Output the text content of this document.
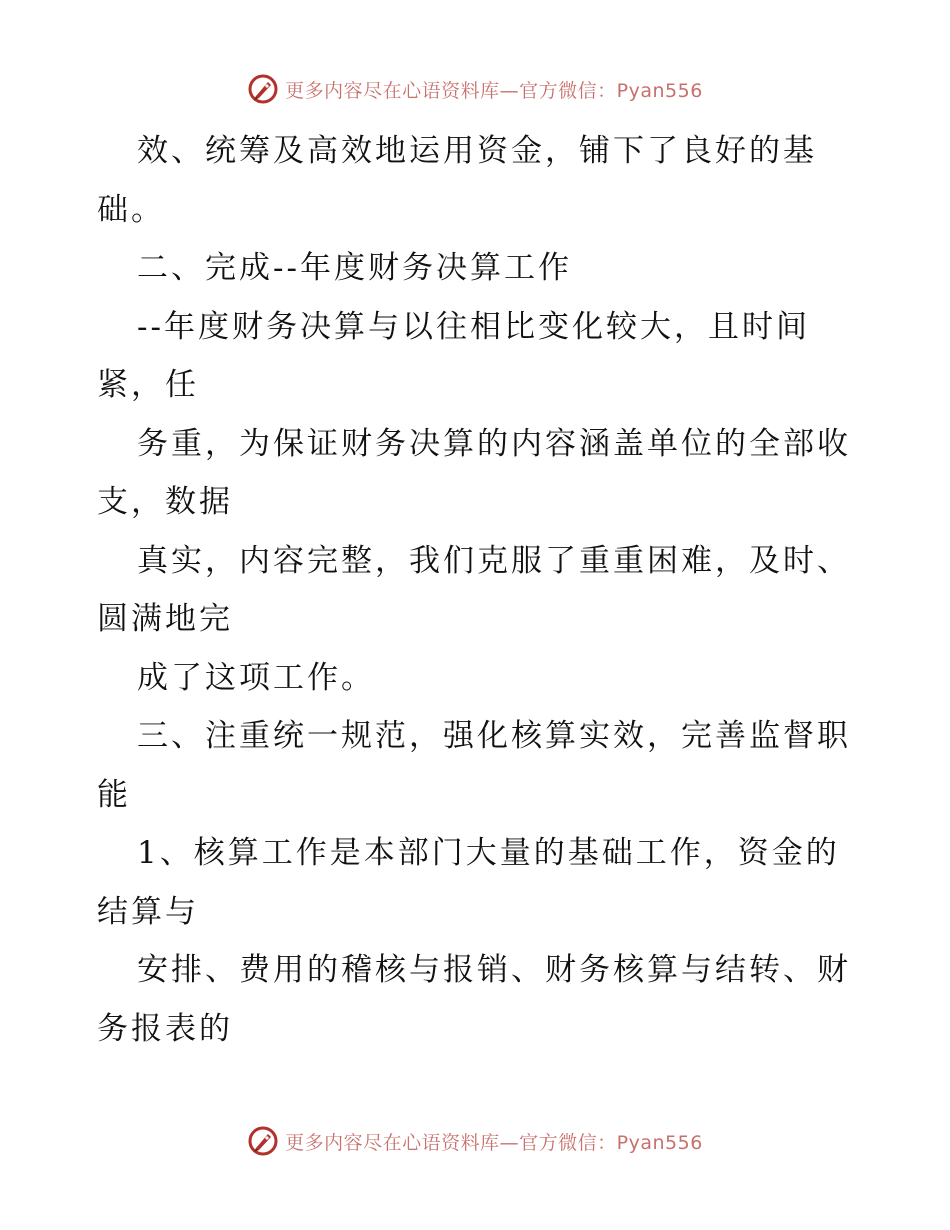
更多内容尽在心语资料库—官方微信：Pyan556
效、统筹及高效地运用资金，铺下了良好的基
础。
二、完成--年度财务决算工作
--年度财务决算与以往相比变化较大，且时间
紧，任
务重，为保证财务决算的内容涵盖单位的全部收
支，数据
真实，内容完整，我们克服了重重困难，及时、
圆满地完
成了这项工作。
三、注重统一规范，强化核算实效，完善监督职
能
1、核算工作是本部门大量的基础工作，资金的
结算与
安排、费用的稽核与报销、财务核算与结转、财
务报表的
更多内容尽在心语资料库—官方微信：Pyan556
